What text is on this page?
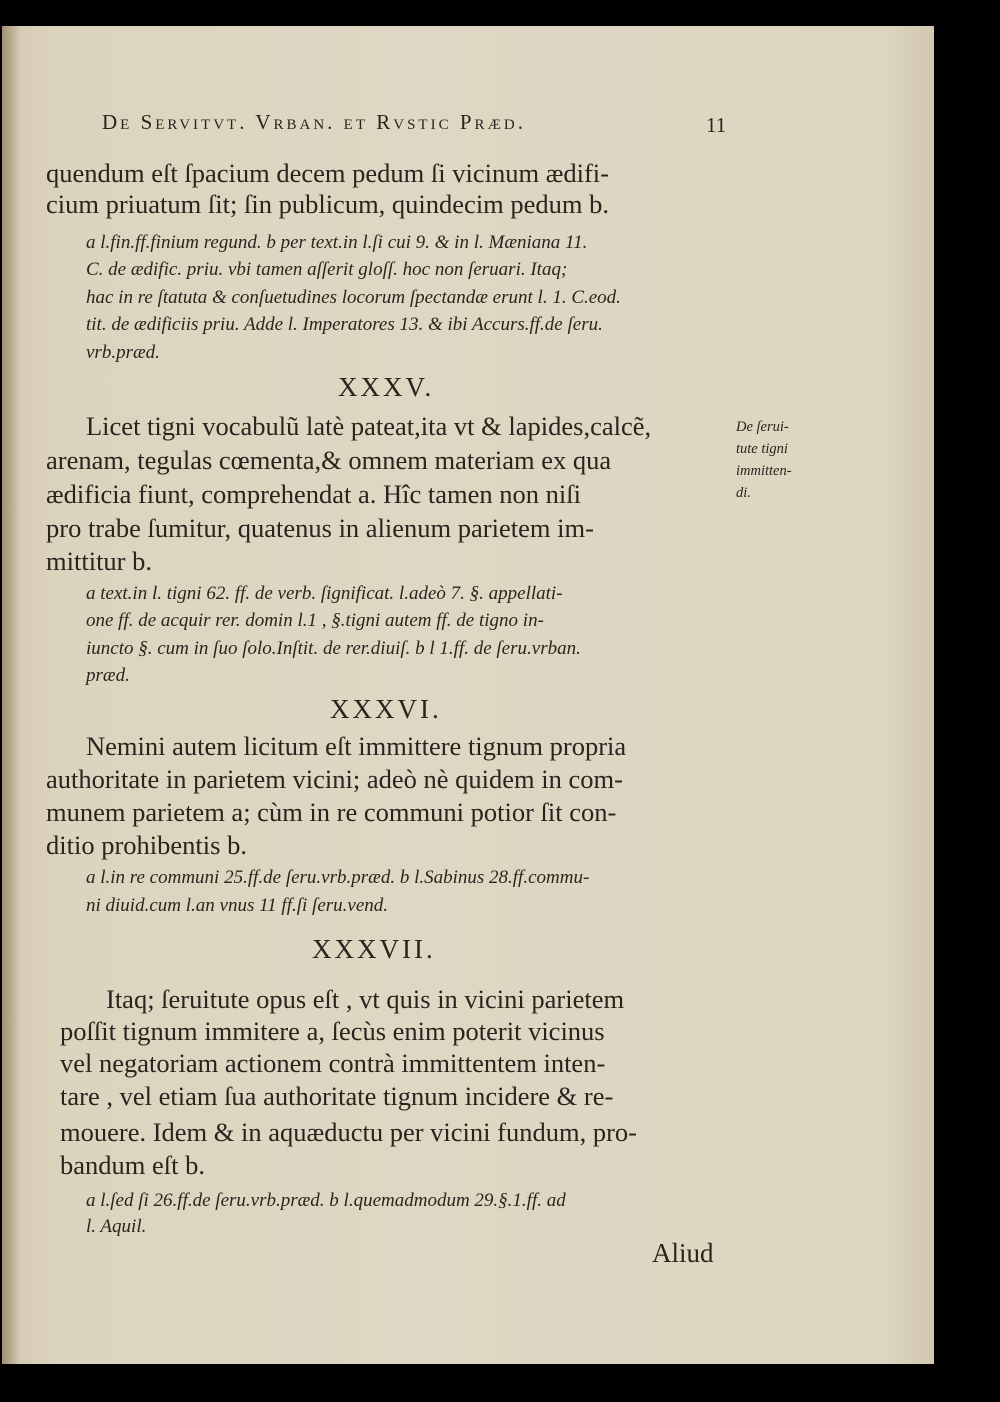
De Servitvt. Vrban. et Rvstic Præd.	11
quendum eſt ſpacium decem pedum ſi vicinum ædifi-
cium priuatum ſit; ſin publicum, quindecim pedum b.
a l.fin.ff.finium regund. b per text.in l.ſi cui 9. & in l. Mæniana 11.
C. de ædific. priu. vbi tamen aſſerit gloſſ. hoc non ſeruari. Itaq;
hac in re ſtatuta & conſuetudines locorum ſpectandæ erunt l. 1. C.eod.
tit. de ædificiis priu. Adde l. Imperatores 13. & ibi Accurs.ff.de ſeru.
vrb.præd.
XXXV.
Licet tigni vocabulũ latè pateat,ita vt & lapides,calcẽ,
arenam, tegulas cœmenta,& omnem materiam ex qua
ædificia fiunt, comprehendat a. Hîc tamen non niſi
pro trabe ſumitur, quatenus in alienum parietem im-
mittitur b.
De ſerui-
tute tigni
immitten-
di.
a text.in l. tigni 62. ff. de verb. ſignificat. l.adeò 7. §. appellati-
one ff. de acquir rer. domin l.1 , §.tigni autem ff. de tigno in-
iuncto §. cum in ſuo ſolo.Inſtit. de rer.diuiſ. b l 1.ff. de ſeru.vrban.
præd.
XXXVI.
Nemini autem licitum eſt immittere tignum propria
authoritate in parietem vicini; adeò nè quidem in com-
munem parietem a; cùm in re communi potior ſit con-
ditio prohibentis b.
a l.in re communi 25.ff.de ſeru.vrb.præd. b l.Sabinus 28.ff.commu-
ni diuid.cum l.an vnus 11 ff.ſi ſeru.vend.
XXXVII.
Itaq; ſeruitute opus eſt , vt quis in vicini parietem
poſſit tignum immitere a, ſecùs enim poterit vicinus
vel negatoriam actionem contrà immittentem inten-
tare , vel etiam ſua authoritate tignum incidere & re-
mouere. Idem & in aquæductu per vicini fundum, pro-
bandum eſt b.
a l.ſed ſi 26.ff.de ſeru.vrb.præd. b l.quemadmodum 29.§.1.ff. ad
l. Aquil.
Aliud
